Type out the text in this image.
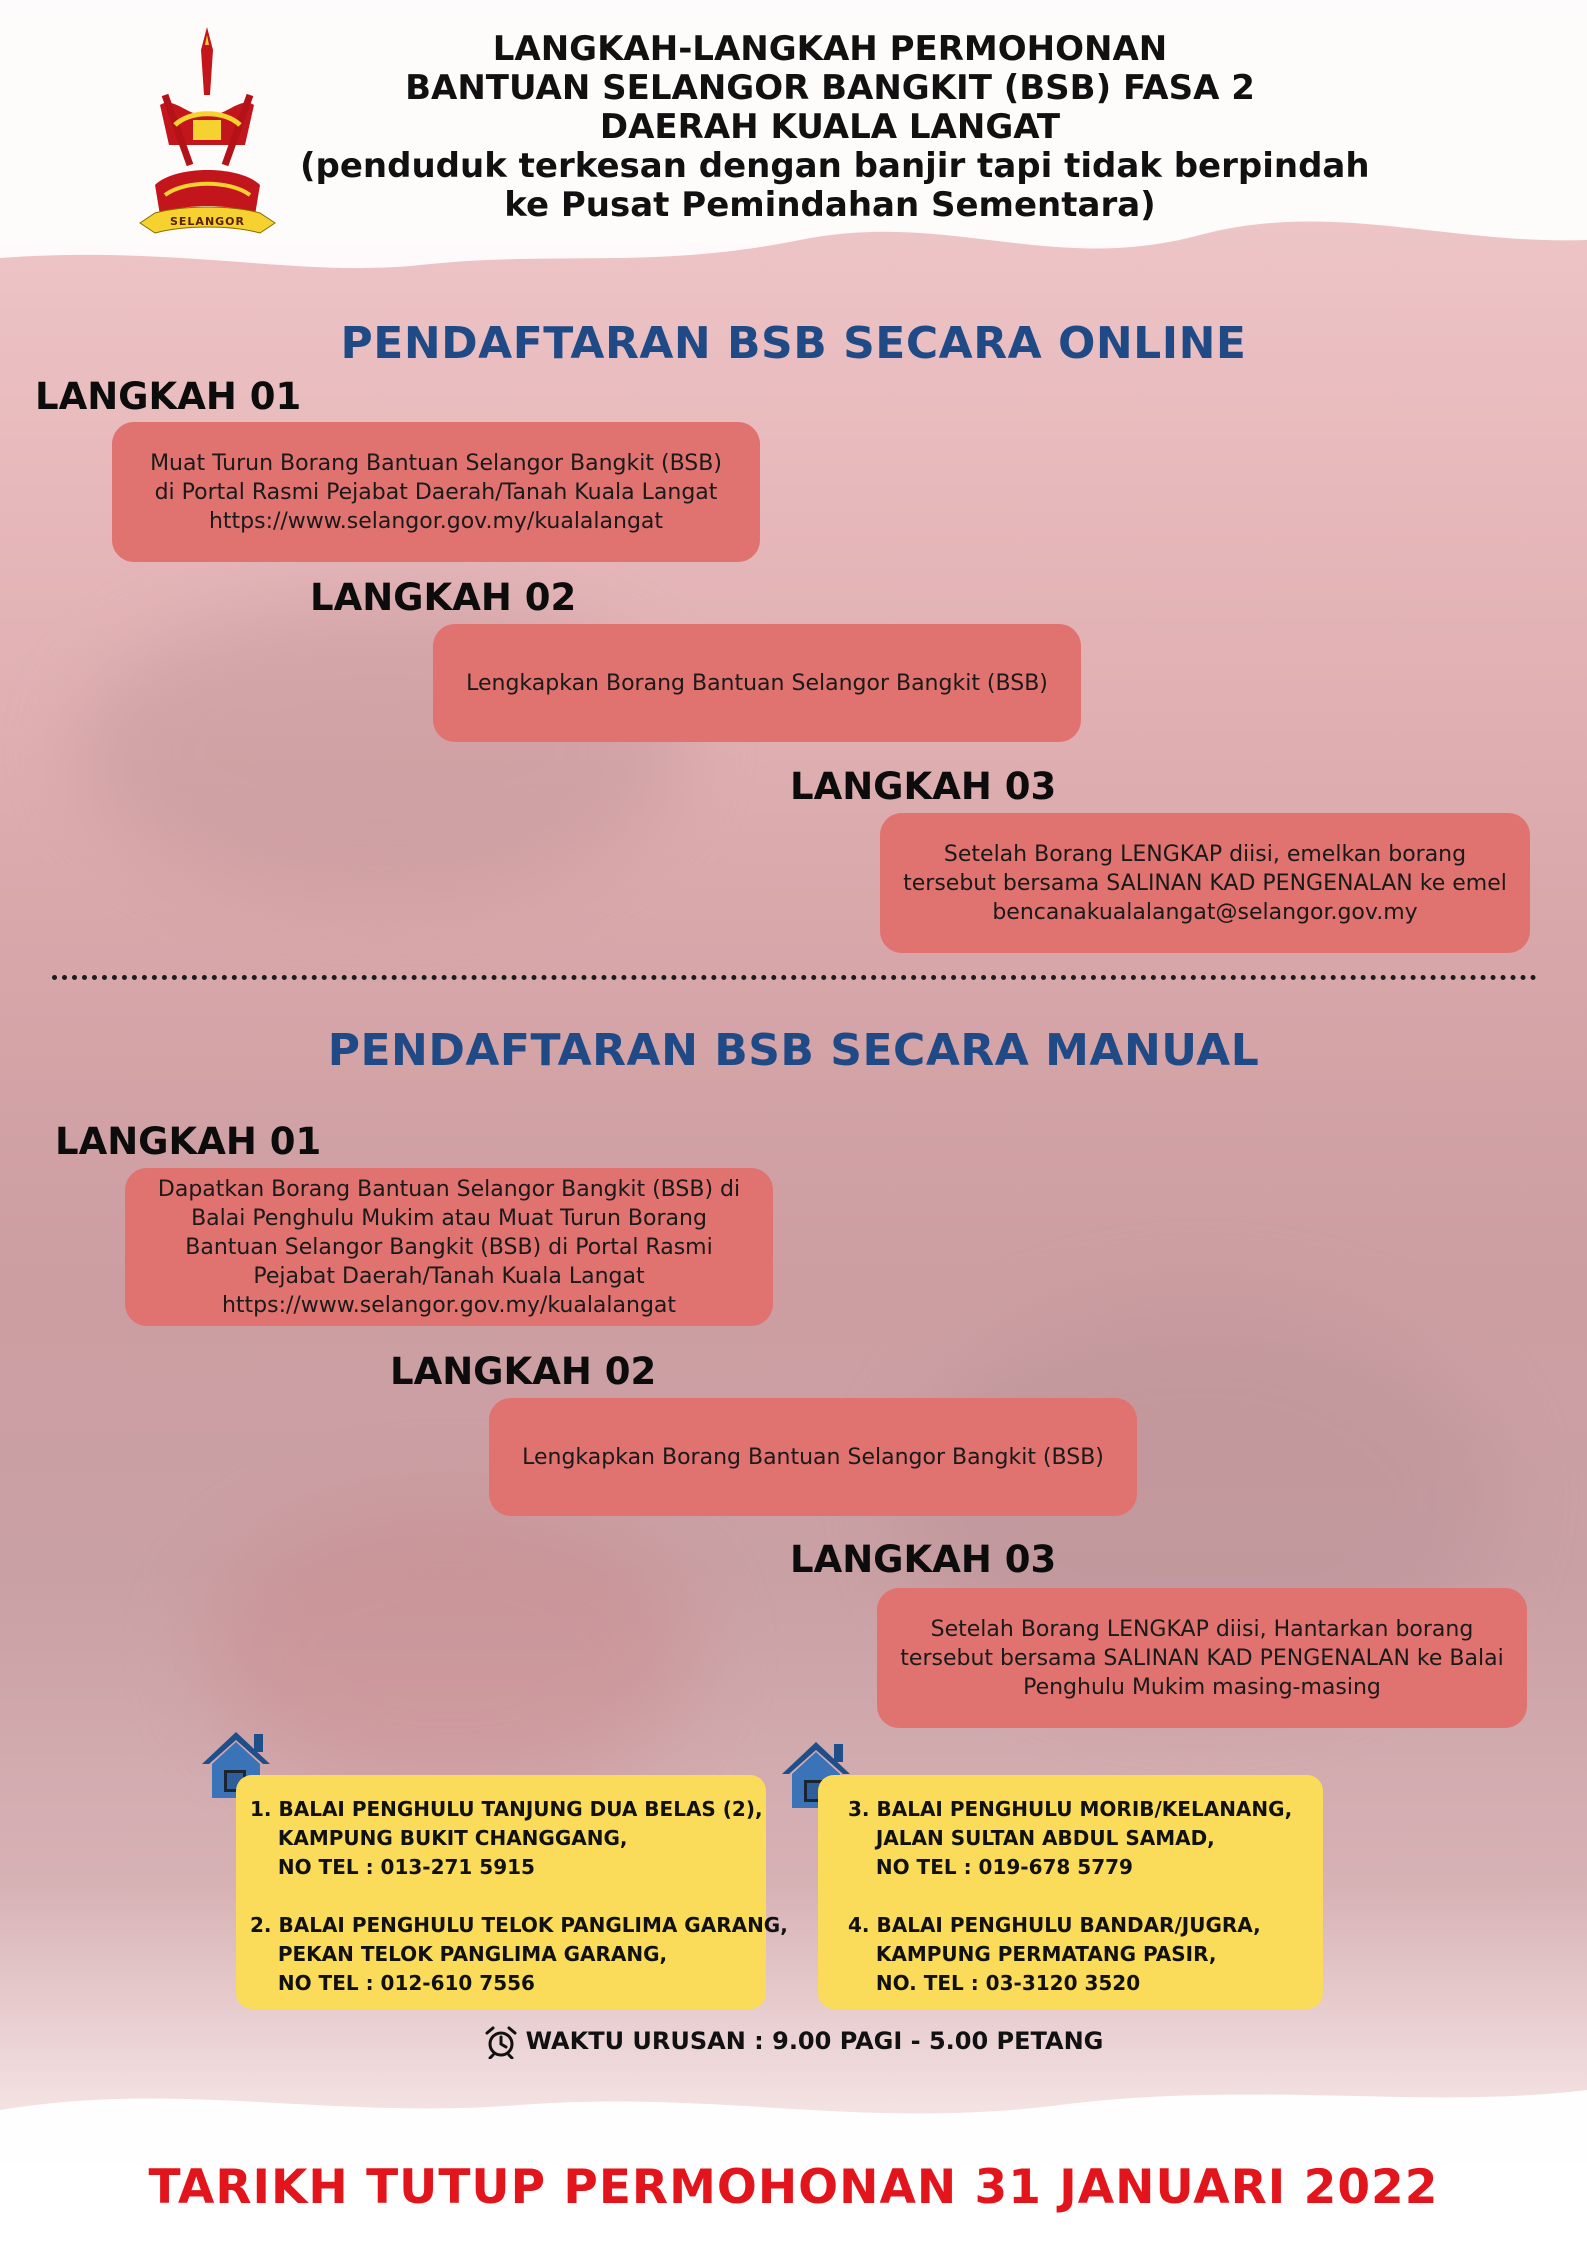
SELANGOR
LANGKAH-LANGKAH PERMOHONAN
BANTUAN SELANGOR BANGKIT (BSB) FASA 2
DAERAH KUALA LANGAT
(penduduk terkesan dengan banjir tapi tidak berpindah
ke Pusat Pemindahan Sementara)
PENDAFTARAN BSB SECARA ONLINE
LANGKAH 01
Muat Turun Borang Bantuan Selangor Bangkit (BSB)
di Portal Rasmi Pejabat Daerah/Tanah Kuala Langat
https://www.selangor.gov.my/kualalangat
LANGKAH 02
Lengkapkan Borang Bantuan Selangor Bangkit (BSB)
LANGKAH 03
Setelah Borang LENGKAP diisi, emelkan borang
tersebut bersama SALINAN KAD PENGENALAN ke emel
bencanakualalangat@selangor.gov.my
PENDAFTARAN BSB SECARA MANUAL
LANGKAH 01
Dapatkan Borang Bantuan Selangor Bangkit (BSB) di
Balai Penghulu Mukim atau Muat Turun Borang
Bantuan Selangor Bangkit (BSB) di Portal Rasmi
Pejabat Daerah/Tanah Kuala Langat
https://www.selangor.gov.my/kualalangat
LANGKAH 02
Lengkapkan Borang Bantuan Selangor Bangkit (BSB)
LANGKAH 03
Setelah Borang LENGKAP diisi, Hantarkan borang
tersebut bersama SALINAN KAD PENGENALAN ke Balai
Penghulu Mukim masing-masing
1. BALAI PENGHULU TANJUNG DUA BELAS (2),
KAMPUNG BUKIT CHANGGANG,
NO TEL : 013-271 5915
2. BALAI PENGHULU TELOK PANGLIMA GARANG,
PEKAN TELOK PANGLIMA GARANG,
NO TEL : 012-610 7556
3. BALAI PENGHULU MORIB/KELANANG,
JALAN SULTAN ABDUL SAMAD,
NO TEL : 019-678 5779
4. BALAI PENGHULU BANDAR/JUGRA,
KAMPUNG PERMATANG PASIR,
NO. TEL : 03-3120 3520
WAKTU URUSAN : 9.00 PAGI - 5.00 PETANG
TARIKH TUTUP PERMOHONAN 31 JANUARI 2022
